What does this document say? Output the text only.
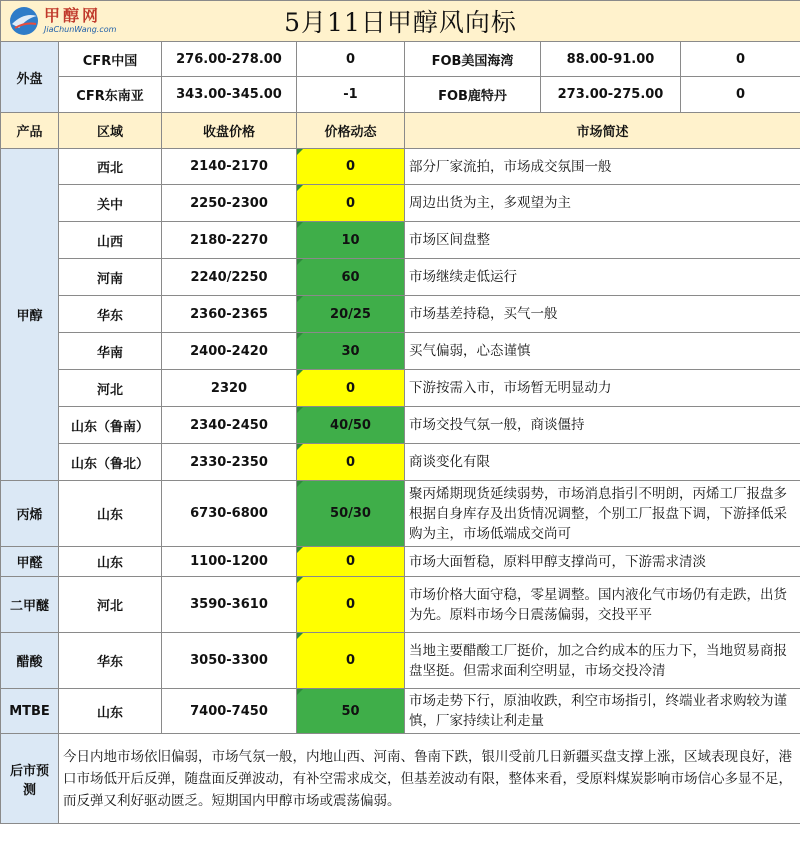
甲醇网
JiaChunWang.com 5月11日甲醇风向标						
外盘	CFR中国	276.00-278.00	0	FOB美国海湾	88.00-91.00	0
	CFR东南亚	343.00-345.00	-1	FOB鹿特丹	273.00-275.00	0
产品	区域	收盘价格	价格动态	市场简述		
甲醇	西北	2140-2170	0	部分厂家流拍，市场成交氛围一般		
	关中	2250-2300	0	周边出货为主，多观望为主		
	山西	2180-2270	10	市场区间盘整		
	河南	2240/2250	60	市场继续走低运行		
	华东	2360-2365	20/25	市场基差持稳，买气一般		
	华南	2400-2420	30	买气偏弱，心态谨慎		
	河北	2320	0	下游按需入市，市场暂无明显动力		
	山东（鲁南）	2340-2450	40/50	市场交投气氛一般，商谈僵持		
	山东（鲁北）	2330-2350	0	商谈变化有限		
丙烯	山东	6730-6800	50/30	聚丙烯期现货延续弱势，市场消息指引不明朗，丙烯工厂报盘多根据自身库存及出货情况调整，个别工厂报盘下调，下游择低采购为主，市场低端成交尚可		
甲醛	山东	1100-1200	0	市场大面暂稳，原料甲醇支撑尚可，下游需求清淡		
二甲醚	河北	3590-3610	0	市场价格大面守稳，零星调整。国内液化气市场仍有走跌，出货为先。原料市场今日震荡偏弱，交投平平		
醋酸	华东	3050-3300	0	当地主要醋酸工厂挺价，加之合约成本的压力下，当地贸易商报盘坚挺。但需求面利空明显，市场交投冷清		
MTBE	山东	7400-7450	50	市场走势下行，原油收跌，利空市场指引，终端业者求购较为谨慎，厂家持续让利走量		
后市预测	今日内地市场依旧偏弱，市场气氛一般，内地山西、河南、鲁南下跌，银川受前几日新疆买盘支撑上涨，区域表现良好，港口市场低开后反弹，随盘面反弹波动，有补空需求成交，但基差波动有限，整体来看，受原料煤炭影响市场信心多显不足，而反弹又利好驱动匮乏。短期国内甲醇市场或震荡偏弱。					
